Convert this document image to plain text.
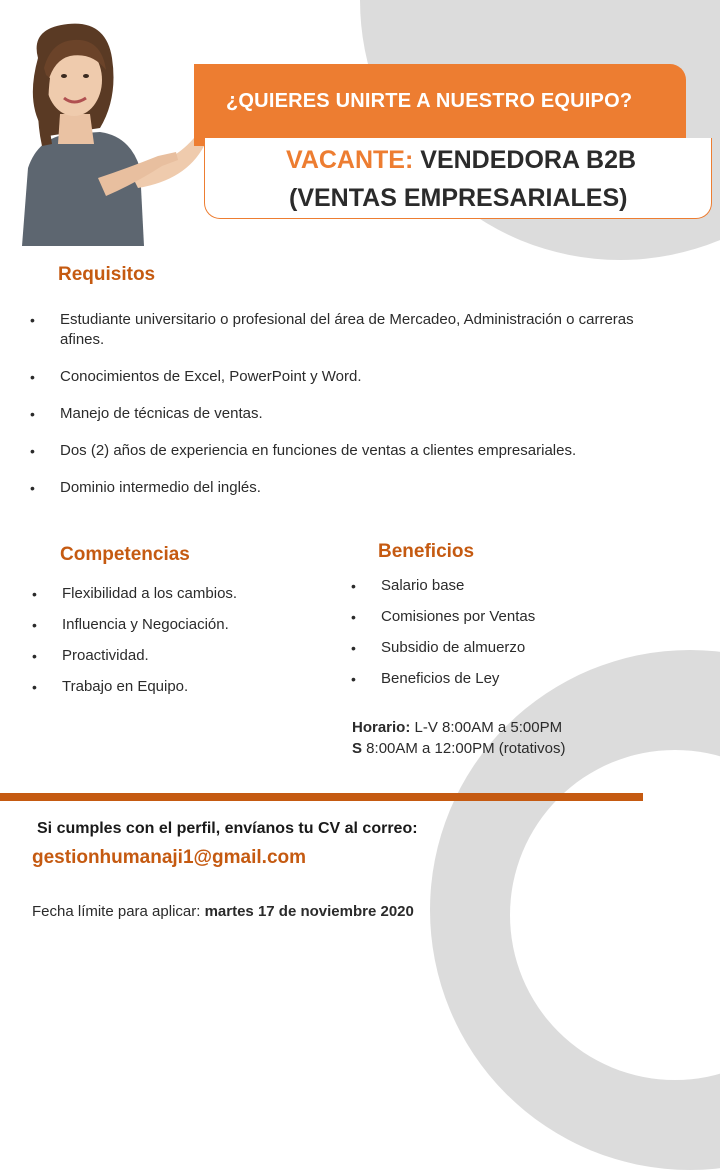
¿QUIERES UNIRTE A NUESTRO EQUIPO?
VACANTE: VENDEDORA B2B
(VENTAS EMPRESARIALES)
Requisitos
• Estudiante universitario o profesional del área de Mercadeo, Administración o carreras afines.
• Conocimientos de Excel, PowerPoint y Word.
• Manejo de técnicas de ventas.
• Dos (2) años de experiencia en funciones de ventas a clientes empresariales.
• Dominio intermedio del inglés.
Competencias
• Flexibilidad a los cambios.
• Influencia y Negociación.
• Proactividad.
• Trabajo en Equipo.
Beneficios
• Salario base
• Comisiones por Ventas
• Subsidio de almuerzo
• Beneficios de Ley
Horario: L-V 8:00AM a 5:00PM
S 8:00AM a 12:00PM (rotativos)
Si cumples con el perfil, envíanos tu CV al correo:
gestionhumanaji1@gmail.com
Fecha límite para aplicar: martes 17 de noviembre 2020
